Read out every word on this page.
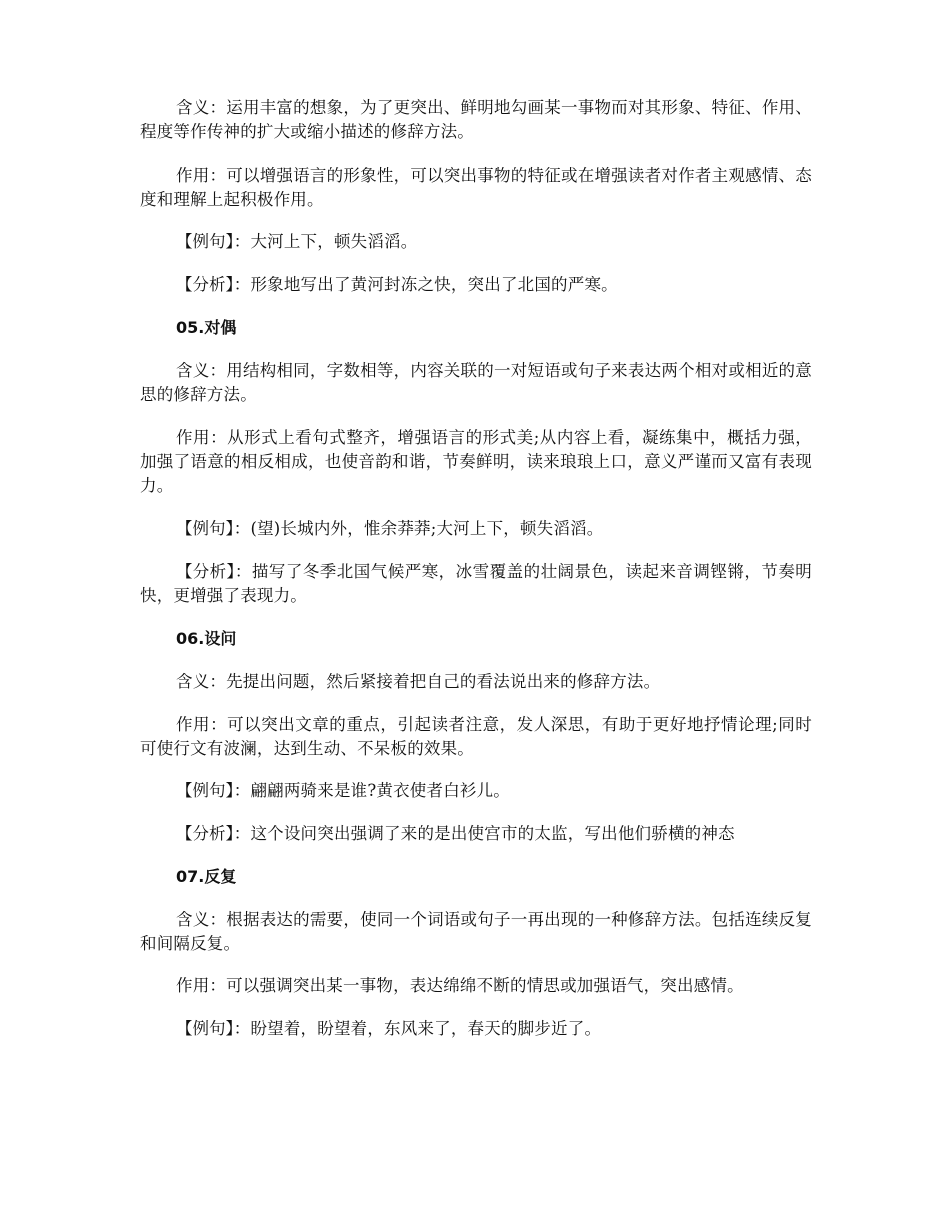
含义：运用丰富的想象，为了更突出、鲜明地勾画某一事物而对其形象、特征、作用、程度等作传神的扩大或缩小描述的修辞方法。

作用：可以增强语言的形象性，可以突出事物的特征或在增强读者对作者主观感情、态度和理解上起积极作用。

【例句】：大河上下，顿失滔滔。

【分析】：形象地写出了黄河封冻之快，突出了北国的严寒。

05.对偶

含义：用结构相同，字数相等，内容关联的一对短语或句子来表达两个相对或相近的意思的修辞方法。

作用：从形式上看句式整齐，增强语言的形式美;从内容上看，凝练集中，概括力强，加强了语意的相反相成，也使音韵和谐，节奏鲜明，读来琅琅上口，意义严谨而又富有表现力。

【例句】：(望)长城内外，惟余莽莽;大河上下，顿失滔滔。

【分析】：描写了冬季北国气候严寒，冰雪覆盖的壮阔景色，读起来音调铿锵，节奏明快，更增强了表现力。

06.设问

含义：先提出问题，然后紧接着把自己的看法说出来的修辞方法。

作用：可以突出文章的重点，引起读者注意，发人深思，有助于更好地抒情论理;同时可使行文有波澜，达到生动、不呆板的效果。

【例句】：翩翩两骑来是谁?黄衣使者白衫儿。

【分析】：这个设问突出强调了来的是出使宫市的太监，写出他们骄横的神态

07.反复

含义：根据表达的需要，使同一个词语或句子一再出现的一种修辞方法。包括连续反复和间隔反复。

作用：可以强调突出某一事物，表达绵绵不断的情思或加强语气，突出感情。

【例句】：盼望着，盼望着，东风来了，春天的脚步近了。
